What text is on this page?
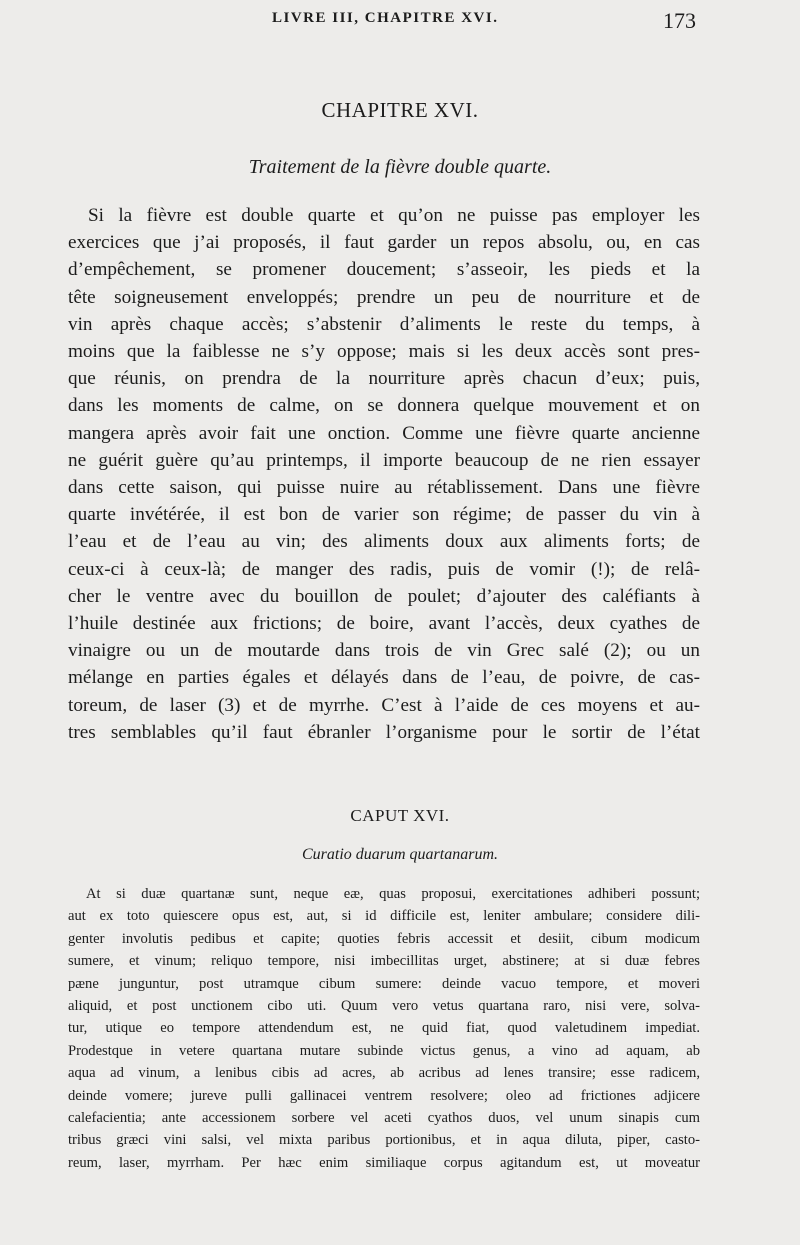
LIVRE III, CHAPITRE XVI.	173
CHAPITRE XVI.
Traitement de la fièvre double quarte.
Si la fièvre est double quarte et qu’on ne puisse pas employer les
exercices que j’ai proposés, il faut garder un repos absolu, ou, en cas
d’empêchement, se promener doucement; s’asseoir, les pieds et la
tête soigneusement enveloppés; prendre un peu de nourriture et de
vin après chaque accès; s’abstenir d’aliments le reste du temps, à
moins que la faiblesse ne s’y oppose; mais si les deux accès sont pres-
que réunis, on prendra de la nourriture après chacun d’eux; puis,
dans les moments de calme, on se donnera quelque mouvement et on
mangera après avoir fait une onction. Comme une fièvre quarte ancienne
ne guérit guère qu’au printemps, il importe beaucoup de ne rien essayer
dans cette saison, qui puisse nuire au rétablissement. Dans une fièvre
quarte invétérée, il est bon de varier son régime; de passer du vin à
l’eau et de l’eau au vin; des aliments doux aux aliments forts; de
ceux-ci à ceux-là; de manger des radis, puis de vomir (!); de relâ-
cher le ventre avec du bouillon de poulet; d’ajouter des caléfiants à
l’huile destinée aux frictions; de boire, avant l’accès, deux cyathes de
vinaigre ou un de moutarde dans trois de vin Grec salé (2); ou un
mélange en parties égales et délayés dans de l’eau, de poivre, de cas-
toreum, de laser (3) et de myrrhe. C’est à l’aide de ces moyens et au-
tres semblables qu’il faut ébranler l’organisme pour le sortir de l’état
CAPUT XVI.
Curatio duarum quartanarum.
At si duæ quartanæ sunt, neque eæ, quas proposui, exercitationes adhiberi possunt;
aut ex toto quiescere opus est, aut, si id difficile est, leniter ambulare; considere dili-
genter involutis pedibus et capite; quoties febris accessit et desiit, cibum modicum
sumere, et vinum; reliquo tempore, nisi imbecillitas urget, abstinere; at si duæ febres
pæne junguntur, post utramque cibum sumere: deinde vacuo tempore, et moveri
aliquid, et post unctionem cibo uti. Quum vero vetus quartana raro, nisi vere, solva-
tur, utique eo tempore attendendum est, ne quid fiat, quod valetudinem impediat.
Prodestque in vetere quartana mutare subinde victus genus, a vino ad aquam, ab
aqua ad vinum, a lenibus cibis ad acres, ab acribus ad lenes transire; esse radicem,
deinde vomere; jureve pulli gallinacei ventrem resolvere; oleo ad frictiones adjicere
calefacientia; ante accessionem sorbere vel aceti cyathos duos, vel unum sinapis cum
tribus græci vini salsi, vel mixta paribus portionibus, et in aqua diluta, piper, casto-
reum, laser, myrrham. Per hæc enim similiaque corpus agitandum est, ut moveatur
